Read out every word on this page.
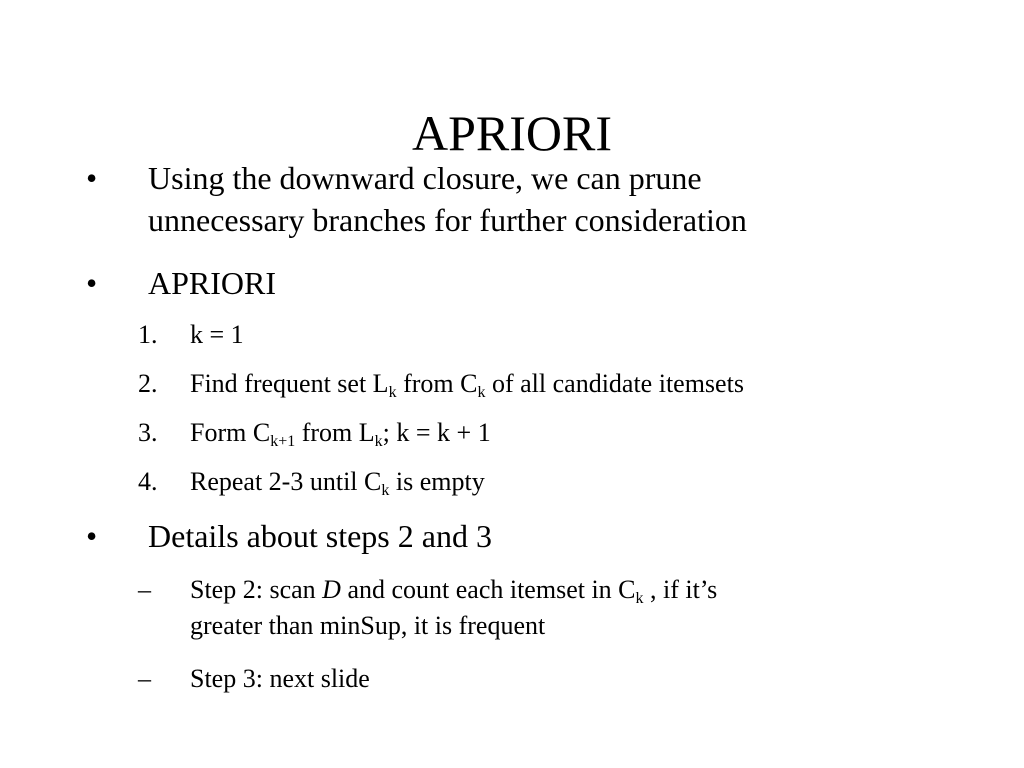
APRIORI
• Using the downward closure, we can prune
unnecessary branches for further consideration
• APRIORI
1. k = 1
2. Find frequent set $L_k$ from $C_k$ of all candidate itemsets
3. Form $C_{k+1}$ from $L_k$; k = k + 1
4. Repeat 2-3 until $C_k$ is empty
• Details about steps 2 and 3
– Step 2: scan D and count each itemset in $C_k$ , if it’s
greater than minSup, it is frequent
– Step 3: next slide
